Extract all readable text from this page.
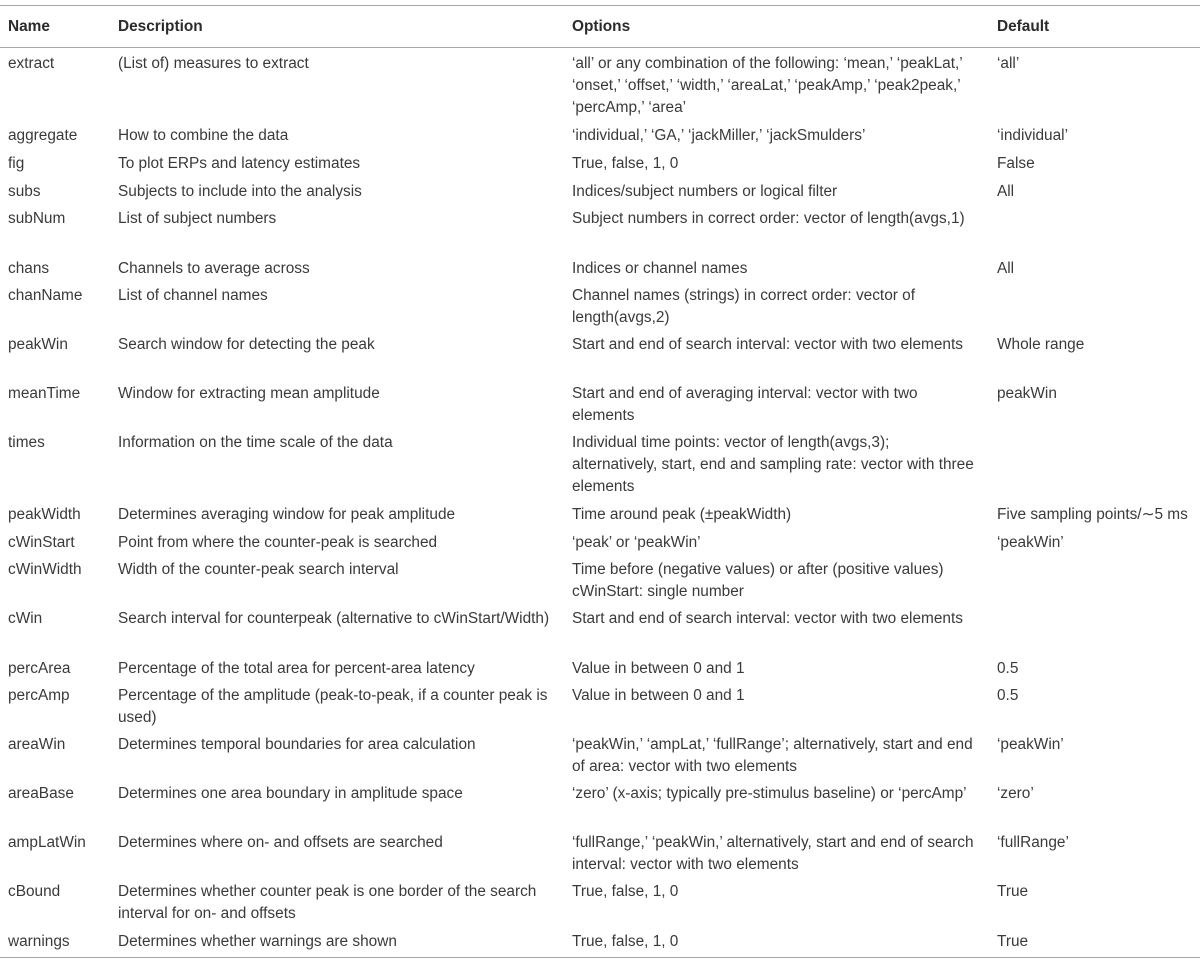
Name	Description	Options	Default
extract	(List of) measures to extract	‘all’ or any combination of the following: ‘mean,’ ‘peakLat,’ ‘onset,’ ‘offset,’ ‘width,’ ‘areaLat,’ ‘peakAmp,’ ‘peak2peak,’ ‘percAmp,’ ‘area’	‘all’
aggregate	How to combine the data	‘individual,’ ‘GA,’ ‘jackMiller,’ ‘jackSmulders’	‘individual’
fig	To plot ERPs and latency estimates	True, false, 1, 0	False
subs	Subjects to include into the analysis	Indices/subject numbers or logical filter	All
subNum	List of subject numbers	Subject numbers in correct order: vector of length(avgs,1)	
chans	Channels to average across	Indices or channel names	All
chanName	List of channel names	Channel names (strings) in correct order: vector of length(avgs,2)	
peakWin	Search window for detecting the peak	Start and end of search interval: vector with two elements	Whole range
meanTime	Window for extracting mean amplitude	Start and end of averaging interval: vector with two elements	peakWin
times	Information on the time scale of the data	Individual time points: vector of length(avgs,3); alternatively, start, end and sampling rate: vector with three elements	
peakWidth	Determines averaging window for peak amplitude	Time around peak (±peakWidth)	Five sampling points/∼5 ms
cWinStart	Point from where the counter-peak is searched	‘peak’ or ‘peakWin’	‘peakWin’
cWinWidth	Width of the counter-peak search interval	Time before (negative values) or after (positive values) cWinStart: single number	
cWin	Search interval for counterpeak (alternative to cWinStart/Width)	Start and end of search interval: vector with two elements	
percArea	Percentage of the total area for percent-area latency	Value in between 0 and 1	0.5
percAmp	Percentage of the amplitude (peak-to-peak, if a counter peak is used)	Value in between 0 and 1	0.5
areaWin	Determines temporal boundaries for area calculation	‘peakWin,’ ‘ampLat,’ ‘fullRange’; alternatively, start and end of area: vector with two elements	‘peakWin’
areaBase	Determines one area boundary in amplitude space	‘zero’ (x-axis; typically pre-stimulus baseline) or ‘percAmp’	‘zero’
ampLatWin	Determines where on- and offsets are searched	‘fullRange,’ ‘peakWin,’ alternatively, start and end of search interval: vector with two elements	‘fullRange’
cBound	Determines whether counter peak is one border of the search interval for on- and offsets	True, false, 1, 0	True
warnings	Determines whether warnings are shown	True, false, 1, 0	True
